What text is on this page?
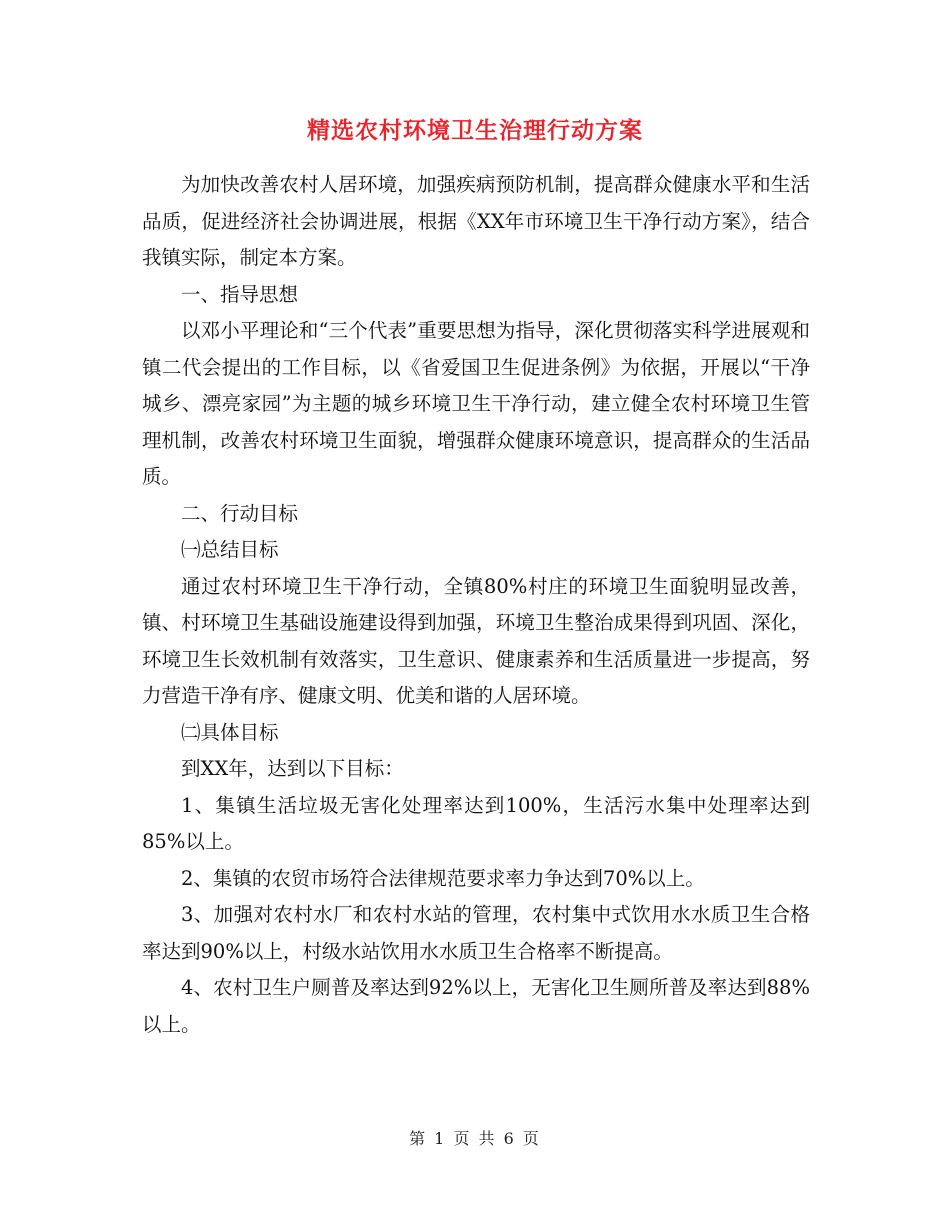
精选农村环境卫生治理行动方案

为加快改善农村人居环境，加强疾病预防机制，提高群众健康水平和生活品质，促进经济社会协调进展，根据《XX年市环境卫生干净行动方案》，结合我镇实际，制定本方案。

一、指导思想

以邓小平理论和“三个代表”重要思想为指导，深化贯彻落实科学进展观和镇二代会提出的工作目标，以《省爱国卫生促进条例》为依据，开展以“干净城乡、漂亮家园”为主题的城乡环境卫生干净行动，建立健全农村环境卫生管理机制，改善农村环境卫生面貌，增强群众健康环境意识，提高群众的生活品质。

二、行动目标

㈠总结目标

通过农村环境卫生干净行动，全镇80%村庄的环境卫生面貌明显改善，镇、村环境卫生基础设施建设得到加强，环境卫生整治成果得到巩固、深化，环境卫生长效机制有效落实，卫生意识、健康素养和生活质量进一步提高，努力营造干净有序、健康文明、优美和谐的人居环境。

㈡具体目标

到XX年，达到以下目标：

1、集镇生活垃圾无害化处理率达到100%，生活污水集中处理率达到85%以上。

2、集镇的农贸市场符合法律规范要求率力争达到70%以上。

3、加强对农村水厂和农村水站的管理，农村集中式饮用水水质卫生合格率达到90%以上，村级水站饮用水水质卫生合格率不断提高。

4、农村卫生户厕普及率达到92%以上，无害化卫生厕所普及率达到88%以上。

第 1 页 共 6 页
